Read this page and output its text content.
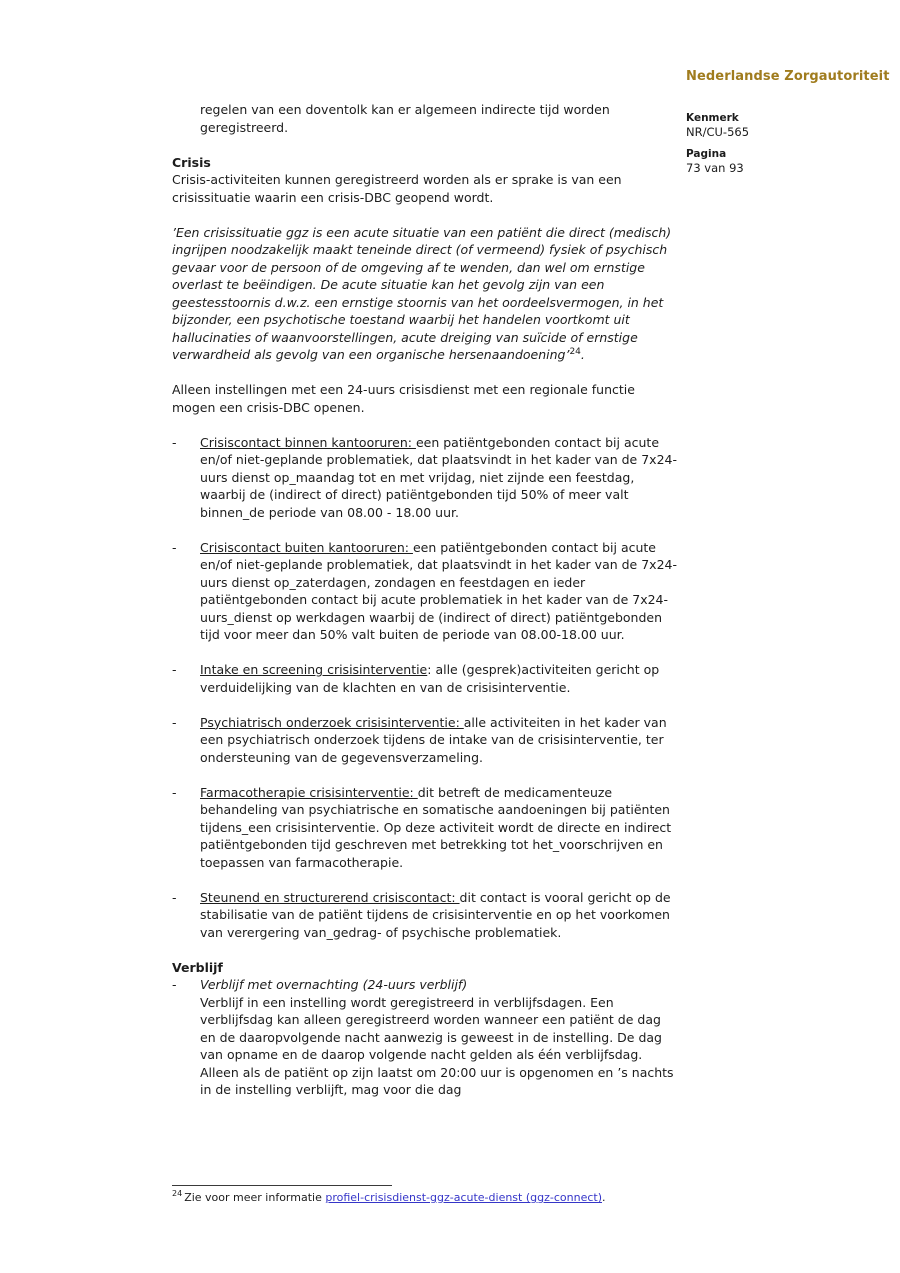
Nederlandse Zorgautoriteit
Kenmerk
NR/CU-565
Pagina
73 van 93
regelen van een doventolk kan er algemeen indirecte tijd worden geregistreerd.
Crisis
Crisis-activiteiten kunnen geregistreerd worden als er sprake is van een crisissituatie waarin een crisis-DBC geopend wordt.
’Een crisissituatie ggz is een acute situatie van een patiënt die direct (medisch) ingrijpen noodzakelijk maakt teneinde direct (of vermeend) fysiek of psychisch gevaar voor de persoon of de omgeving af te wenden, dan wel om ernstige overlast te beëindigen. De acute situatie kan het gevolg zijn van een geestesstoornis d.w.z. een ernstige stoornis van het oordeelsvermogen, in het bijzonder, een psychotische toestand waarbij het handelen voortkomt uit hallucinaties of waanvoorstellingen, acute dreiging van suïcide of ernstige verwardheid als gevolg van een organische hersenaandoening’$^{24}$.
Alleen instellingen met een 24-uurs crisisdienst met een regionale functie mogen een crisis-DBC openen.
-	Crisiscontact binnen kantooruren: een patiëntgebonden contact bij acute en/of niet-geplande problematiek, dat plaatsvindt in het kader van de 7x24-uurs dienst op_maandag tot en met vrijdag, niet zijnde een feestdag, waarbij de (indirect of direct) patiëntgebonden tijd 50% of meer valt binnen_de periode van 08.00 - 18.00 uur.
-	Crisiscontact buiten kantooruren: een patiëntgebonden contact bij acute en/of niet-geplande problematiek, dat plaatsvindt in het kader van de 7x24-uurs dienst op_zaterdagen, zondagen en feestdagen en ieder patiëntgebonden contact bij acute problematiek in het kader van de 7x24-uurs_dienst op werkdagen waarbij de (indirect of direct) patiëntgebonden tijd voor meer dan 50% valt buiten de periode van 08.00-18.00 uur.
-	Intake en screening crisisinterventie: alle (gesprek)activiteiten gericht op verduidelijking van de klachten en van de crisisinterventie.
-	Psychiatrisch onderzoek crisisinterventie: alle activiteiten in het kader van een psychiatrisch onderzoek tijdens de intake van de crisisinterventie, ter ondersteuning van de gegevensverzameling.
-	Farmacotherapie crisisinterventie: dit betreft de medicamenteuze behandeling van psychiatrische en somatische aandoeningen bij patiënten tijdens_een crisisinterventie. Op deze activiteit wordt de directe en indirect patiëntgebonden tijd geschreven met betrekking tot het_voorschrijven en toepassen van farmacotherapie.
-	Steunend en structurerend crisiscontact: dit contact is vooral gericht op de stabilisatie van de patiënt tijdens de crisisinterventie en op het voorkomen van verergering van_gedrag- of psychische problematiek.
Verblijf
-	Verblijf met overnachting (24-uurs verblijf)
Verblijf in een instelling wordt geregistreerd in verblijfsdagen. Een verblijfsdag kan alleen geregistreerd worden wanneer een patiënt de dag en de daaropvolgende nacht aanwezig is geweest in de instelling. De dag van opname en de daarop volgende nacht gelden als één verblijfsdag. Alleen als de patiënt op zijn laatst om 20:00 uur is opgenomen en ’s nachts in de instelling verblijft, mag voor die dag
$^{24}$ Zie voor meer informatie profiel-crisisdienst-ggz-acute-dienst (ggz-connect).
